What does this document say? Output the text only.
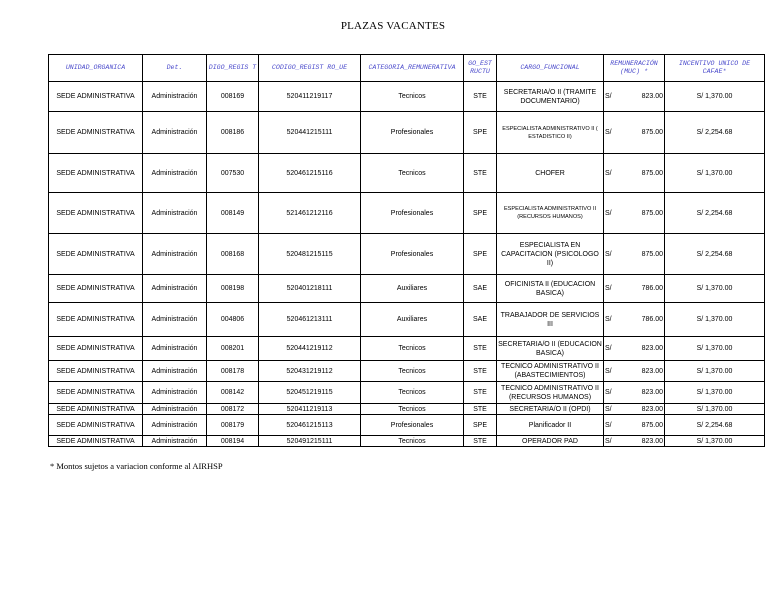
PLAZAS VACANTES
UNIDAD_ORGANICA	Det.	DIGO_REGIS T	CODIGO_REGIST RO_UE	CATEGORIA_REMUNERATIVA	GO_EST RUCTU	CARGO_FUNCIONAL	REMUNERACIÓN (MUC) *	INCENTIVO UNICO DE CAFAE*
SEDE ADMINISTRATIVA	Administración	008169	520411219117	Tecnicos	STE	SECRETARIA/O II (TRAMITE DOCUMENTARIO)	S/ 823.00	S/ 1,370.00
SEDE ADMINISTRATIVA	Administración	008186	520441215111	Profesionales	SPE	ESPECIALISTA ADMINISTRATIVO II ( ESTADISTICO II)	S/ 875.00	S/ 2,254.68
SEDE ADMINISTRATIVA	Administración	007530	520461215116	Tecnicos	STE	CHOFER	S/ 875.00	S/ 1,370.00
SEDE ADMINISTRATIVA	Administración	008149	521461212116	Profesionales	SPE	ESPECIALISTA ADMINISTRATIVO II (RECURSOS HUMANOS)	S/ 875.00	S/ 2,254.68
SEDE ADMINISTRATIVA	Administración	008168	520481215115	Profesionales	SPE	ESPECIALISTA EN CAPACITACION (PSICOLOGO II)	S/ 875.00	S/ 2,254.68
SEDE ADMINISTRATIVA	Administración	008198	520401218111	Auxiliares	SAE	OFICINISTA II (EDUCACION BASICA)	S/ 786.00	S/ 1,370.00
SEDE ADMINISTRATIVA	Administración	004806	520461213111	Auxiliares	SAE	TRABAJADOR DE SERVICIOS III	S/ 786.00	S/ 1,370.00
SEDE ADMINISTRATIVA	Administración	008201	520441219112	Tecnicos	STE	SECRETARIA/O II (EDUCACION BASICA)	S/ 823.00	S/ 1,370.00
SEDE ADMINISTRATIVA	Administración	008178	520431219112	Tecnicos	STE	TECNICO ADMINISTRATIVO II (ABASTECIMIENTOS)	S/ 823.00	S/ 1,370.00
SEDE ADMINISTRATIVA	Administración	008142	520451219115	Tecnicos	STE	TECNICO ADMINISTRATIVO II (RECURSOS HUMANOS)	S/ 823.00	S/ 1,370.00
SEDE ADMINISTRATIVA	Administración	008172	520411219113	Tecnicos	STE	SECRETARIA/O II (OPDI)	S/ 823.00	S/ 1,370.00
SEDE ADMINISTRATIVA	Administración	008179	520461215113	Profesionales	SPE	Planificador II	S/ 875.00	S/ 2,254.68
SEDE ADMINISTRATIVA	Administración	008194	520491215111	Tecnicos	STE	OPERADOR PAD	S/ 823.00	S/ 1,370.00
* Montos sujetos a variacion conforme al AIRHSP
